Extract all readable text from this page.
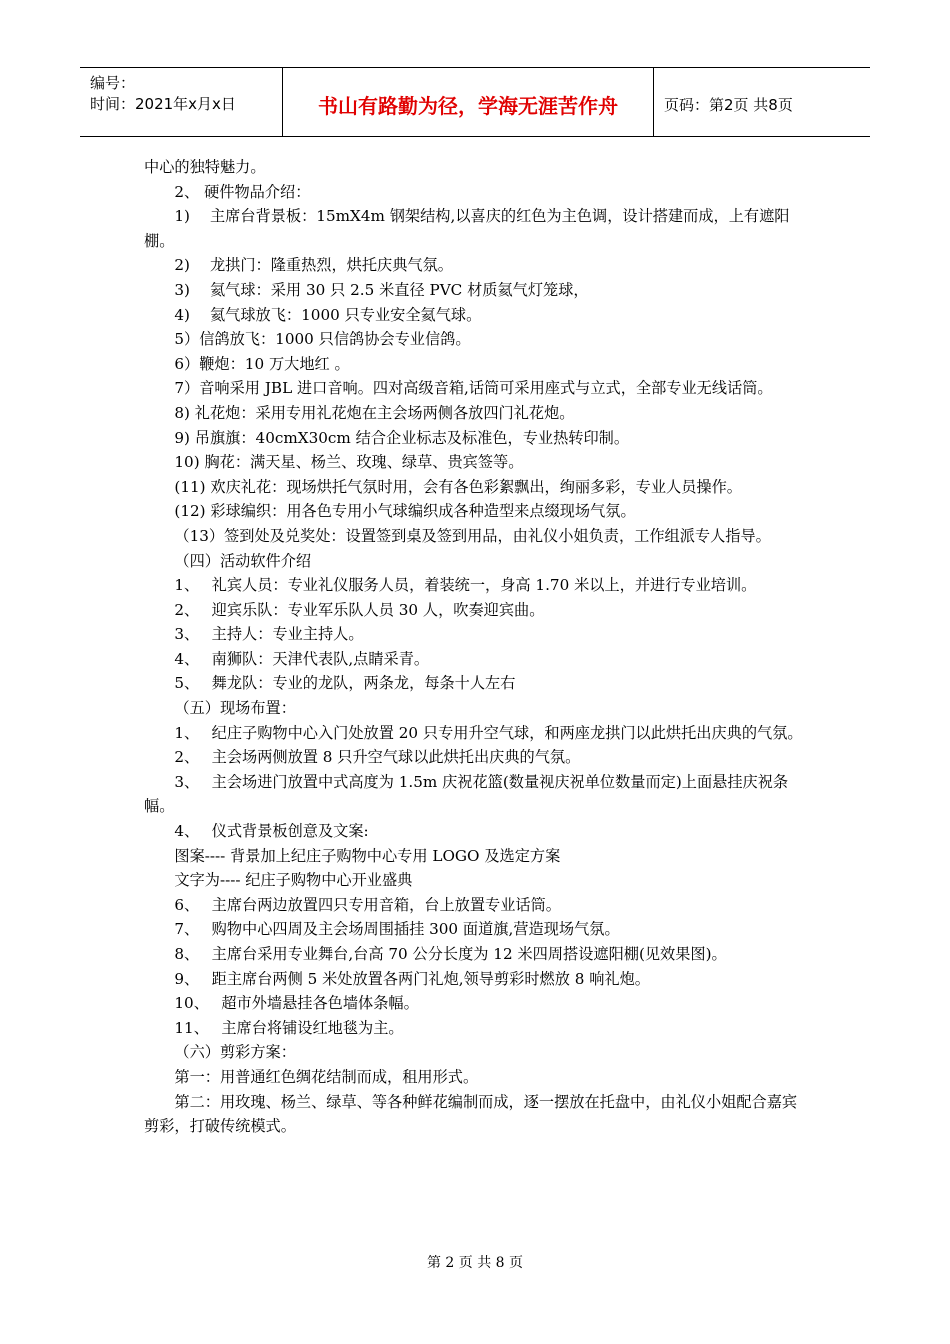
编号：
时间：2021年x月x日	书山有路勤为径，学海无涯苦作舟	页码：第2页 共8页

中心的独特魅力。

2、 硬件物品介绍：

1)　 主席台背景板：15mX4m 钢架结构,以喜庆的红色为主色调，设计搭建而成，上有遮阳棚。

2)　 龙拱门：隆重热烈，烘托庆典气氛。

3)　 氦气球：采用 30 只 2.5 米直径 PVC 材质氦气灯笼球，

4)　 氦气球放飞：1000 只专业安全氦气球。

5）信鸽放飞：1000 只信鸽协会专业信鸽。

6）鞭炮：10 万大地红 。

7）音响采用 JBL 进口音响。四对高级音箱,话筒可采用座式与立式，全部专业无线话筒。

8) 礼花炮：采用专用礼花炮在主会场两侧各放四门礼花炮。

9) 吊旗旗：40cmX30cm 结合企业标志及标准色，专业热转印制。

10) 胸花：满天星、杨兰、玫瑰、绿草、贵宾签等。

(11) 欢庆礼花：现场烘托气氛时用，会有各色彩絮飘出，绚丽多彩，专业人员操作。

(12) 彩球编织：用各色专用小气球编织成各种造型来点缀现场气氛。

（13）签到处及兑奖处：设置签到桌及签到用品，由礼仪小姐负责，工作组派专人指导。

（四）活动软件介绍

1、　 礼宾人员：专业礼仪服务人员，着装统一，身高 1.70 米以上，并进行专业培训。

2、　 迎宾乐队：专业军乐队人员 30 人，吹奏迎宾曲。

3、　 主持人：专业主持人。

4、　 南狮队：天津代表队,点睛采青。

5、　 舞龙队：专业的龙队，两条龙，每条十人左右

（五）现场布置：

1、　 纪庄子购物中心入门处放置 20 只专用升空气球，和两座龙拱门以此烘托出庆典的气氛。

2、　 主会场两侧放置 8 只升空气球以此烘托出庆典的气氛。

3、　 主会场进门放置中式高度为 1.5m 庆祝花篮(数量视庆祝单位数量而定)上面悬挂庆祝条幅。

4、　 仪式背景板创意及文案:

图案---- 背景加上纪庄子购物中心专用 LOGO 及选定方案

文字为---- 纪庄子购物中心开业盛典

6、　 主席台两边放置四只专用音箱，台上放置专业话筒。

7、　 购物中心四周及主会场周围插挂 300 面道旗,营造现场气氛。

8、　 主席台采用专业舞台,台高 70 公分长度为 12 米四周搭设遮阳棚(见效果图)。

9、　 距主席台两侧 5 米处放置各两门礼炮,领导剪彩时燃放 8 响礼炮。

10、　 超市外墙悬挂各色墙体条幅。

11、　 主席台将铺设红地毯为主。

（六）剪彩方案：

第一：用普通红色绸花结制而成，租用形式。

第二：用玫瑰、杨兰、绿草、等各种鲜花编制而成，逐一摆放在托盘中，由礼仪小姐配合嘉宾剪彩，打破传统模式。

第 2 页 共 8 页
